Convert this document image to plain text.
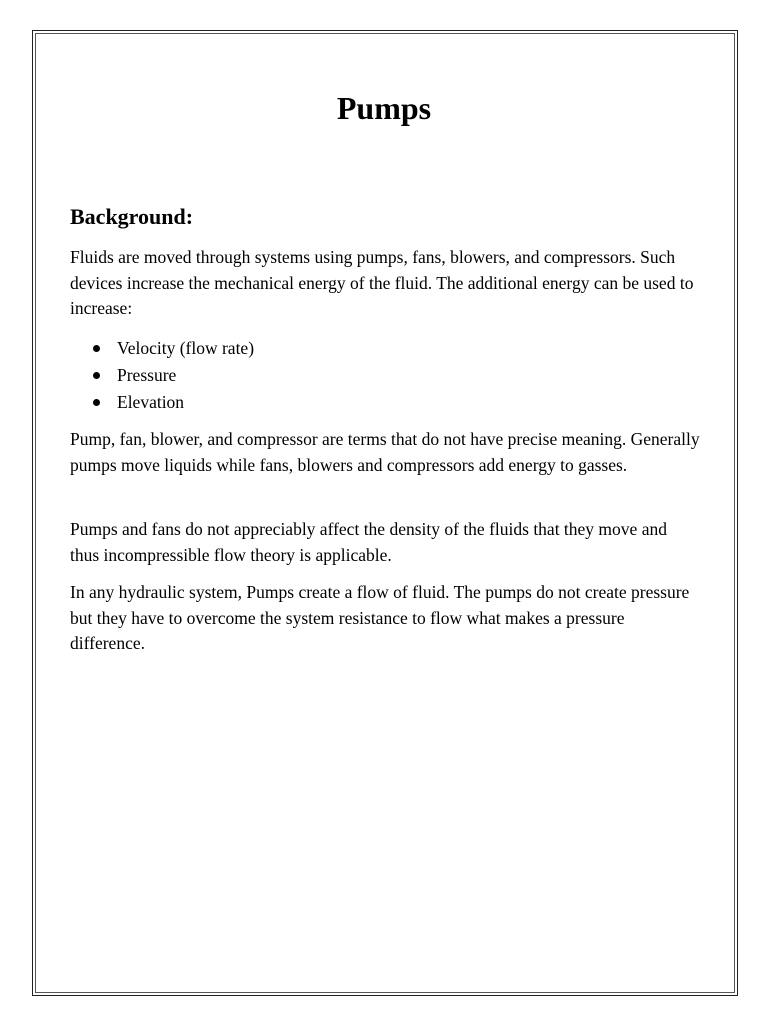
Pumps
Background:

Fluids are moved through systems using pumps, fans, blowers, and compressors. Such devices increase the mechanical energy of the fluid. The additional energy can be used to increase:

Velocity (flow rate)
Pressure
Elevation

Pump, fan, blower, and compressor are terms that do not have precise meaning. Generally pumps move liquids while fans, blowers and compressors add energy to gasses.

Pumps and fans do not appreciably affect the density of the fluids that they move and thus incompressible flow theory is applicable.

In any hydraulic system, Pumps create a flow of fluid. The pumps do not create pressure but they have to overcome the system resistance to flow what makes a pressure difference.
